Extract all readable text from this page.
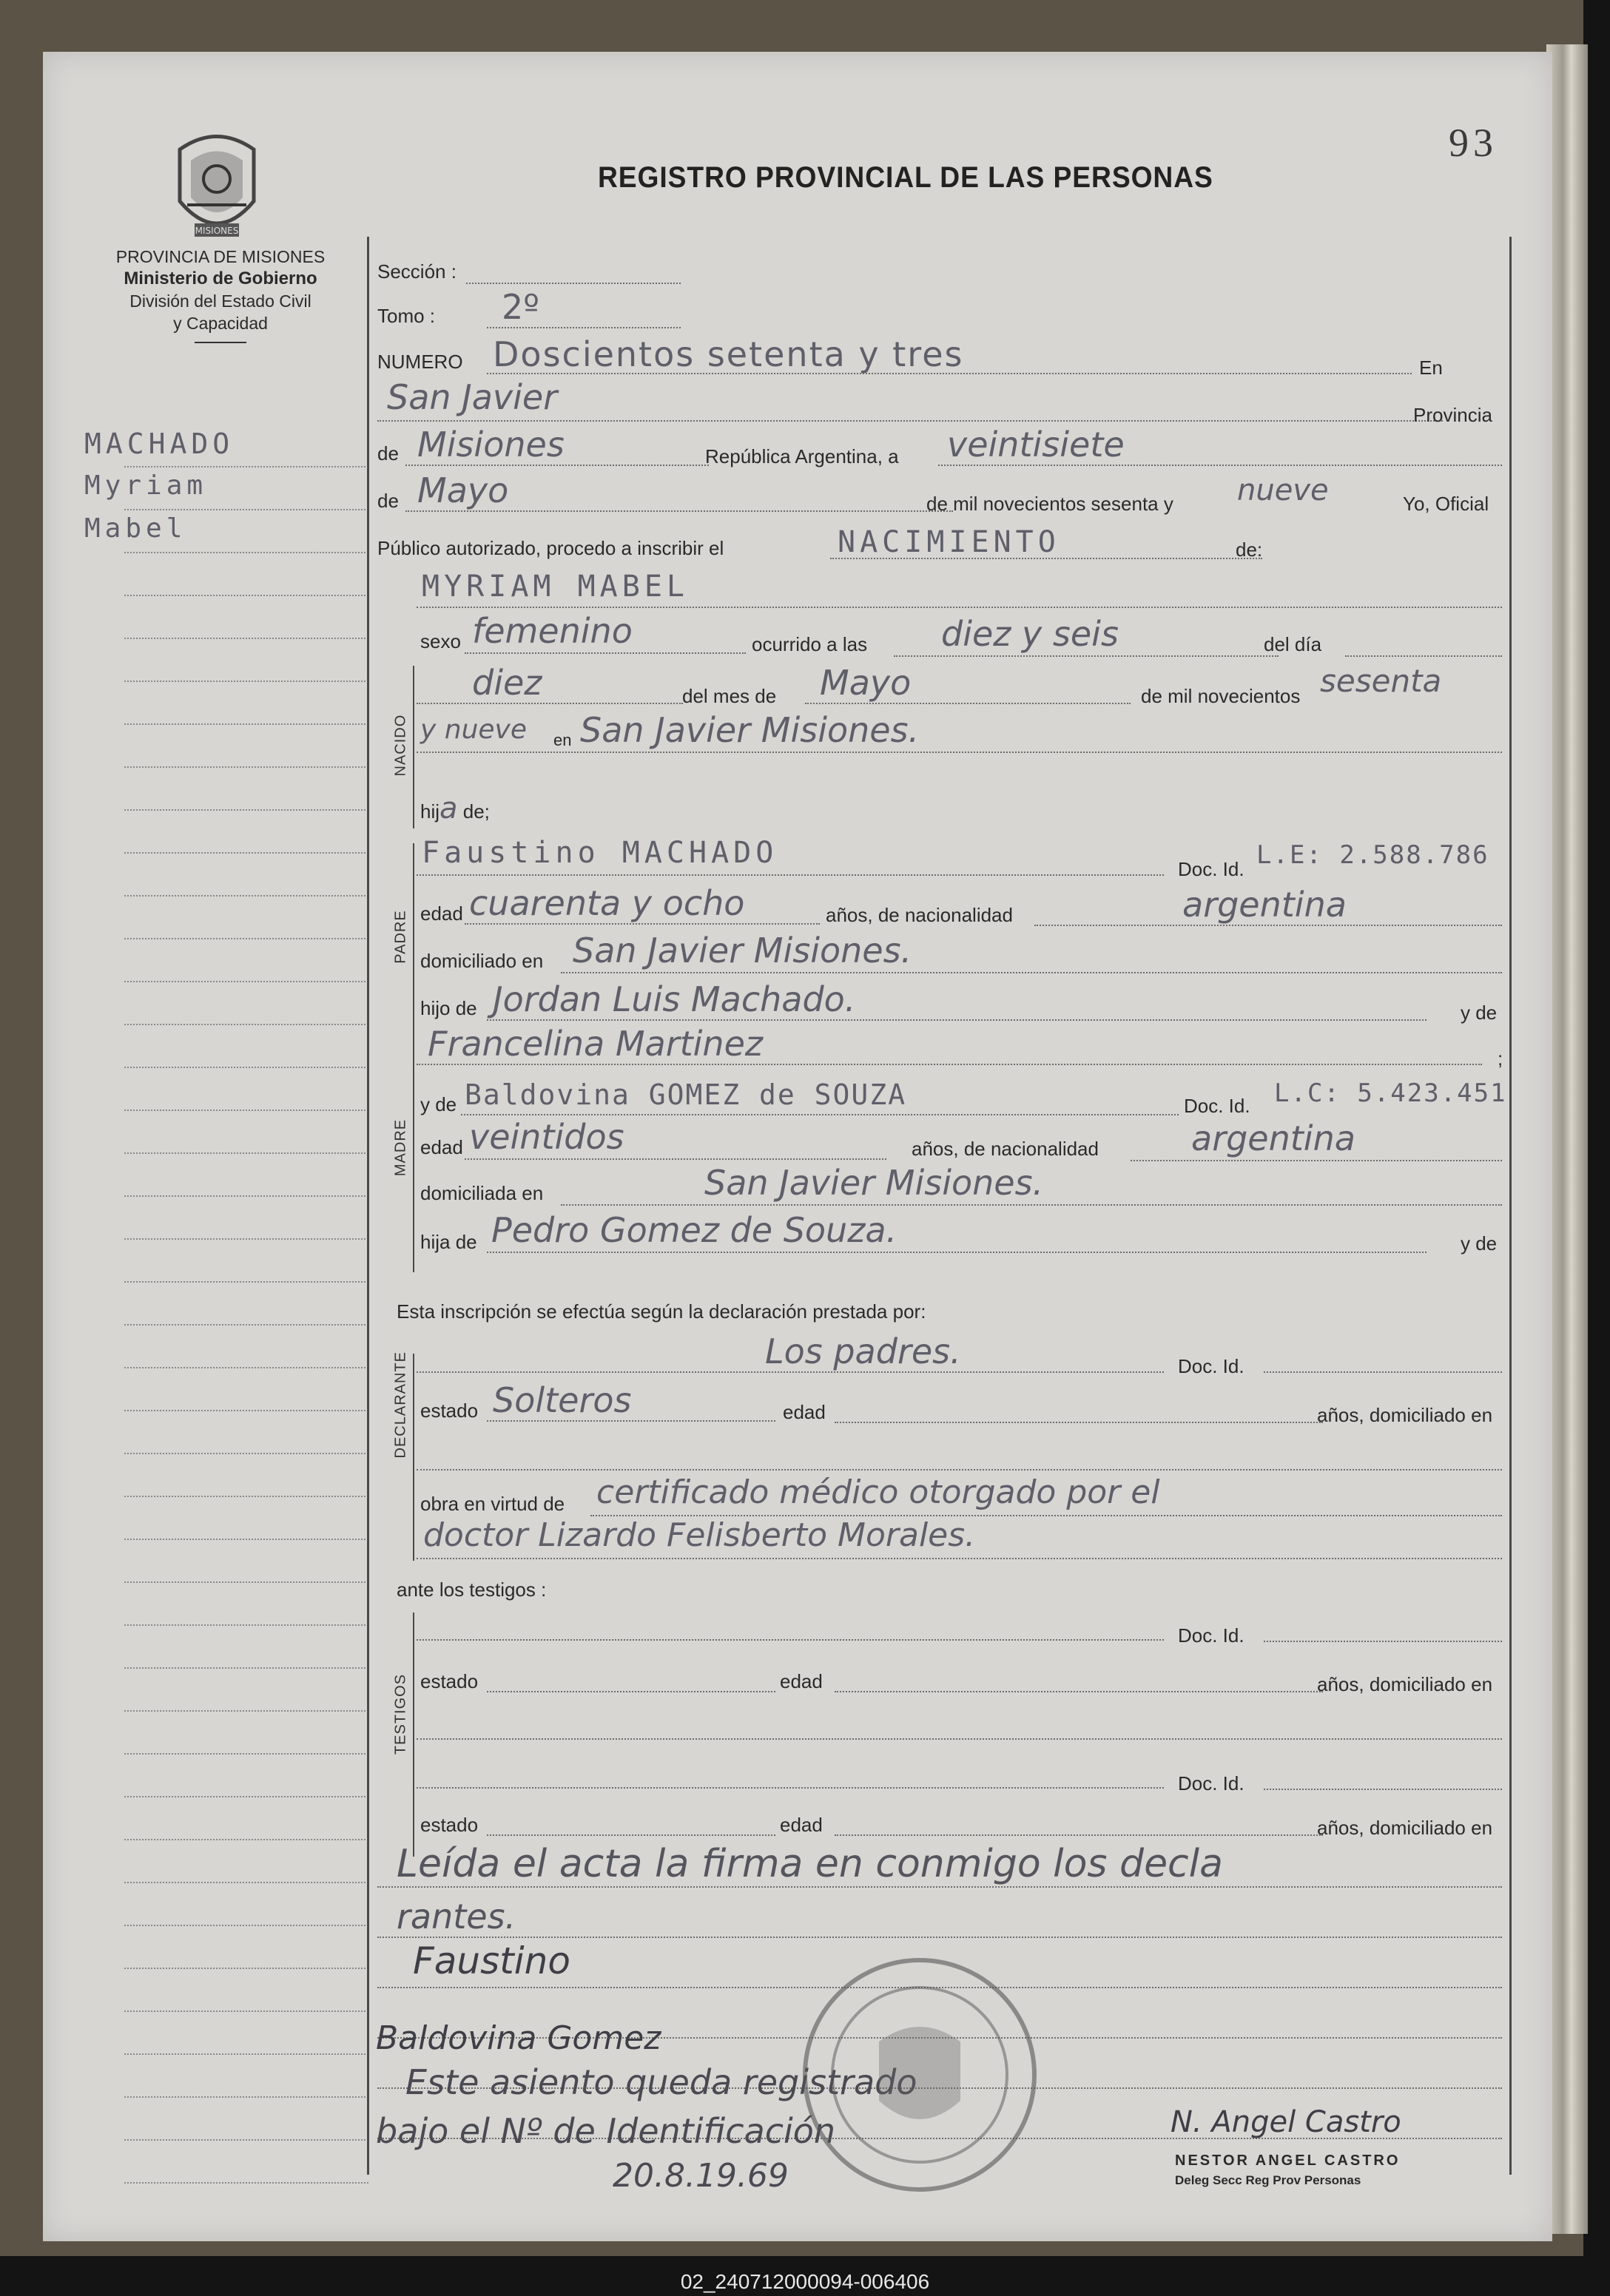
93
REGISTRO PROVINCIAL DE LAS PERSONAS
MISIONES
PROVINCIA DE MISIONES
Ministerio de Gobierno
División del Estado Civil
y Capacidad
MACHADO
Myriam
Mabel
NACIDO
PADRE
MADRE
DECLARANTE
TESTIGOS
Sección :
Tomo : 2º
NUMERO Doscientos setenta y tres	En
San Javier	Provincia
de Misiones	República Argentina, a veintisiete
de Mayo	de mil novecientos sesenta y nueve	Yo, Oficial
Público autorizado, procedo a inscribir el	NACIMIENTO	de:
MYRIAM MABEL
sexo femenino	ocurrido a las diez y seis	del día
diez	del mes de Mayo	de mil novecientos sesenta
y nueve en San Javier Misiones.
hija de;
Faustino MACHADO	Doc. Id. L.E: 2.588.786
edad cuarenta y ocho	años, de nacionalidad	argentina
domiciliado en San Javier Misiones.
hijo de Jordan Luis Machado.	y de
Francelina Martinez	;
y de Baldovina GOMEZ de SOUZA	Doc. Id. L.C: 5.423.451
edad veintidos	años, de nacionalidad	argentina
domiciliada en	San Javier Misiones.
hija de Pedro Gomez de Souza.	y de
Esta inscripción se efectúa según la declaración prestada por:
Los padres.	Doc. Id.
estado Solteros	edad	años, domiciliado en
obra en virtud de certificado médico otorgado por el
doctor Lizardo Felisberto Morales.
ante los testigos :
Doc. Id.
estado	edad	años, domiciliado en
Doc. Id.
estado	edad	años, domiciliado en
Leída el acta la firma en conmigo los decla
rantes.
Faustino
Baldovina Gomez
Este asiento queda registrado
bajo el Nº de Identificación
20.8.19.69
N. Angel Castro
NESTOR ANGEL CASTRO
Deleg Secc Reg Prov Personas
02_240712000094-006406
